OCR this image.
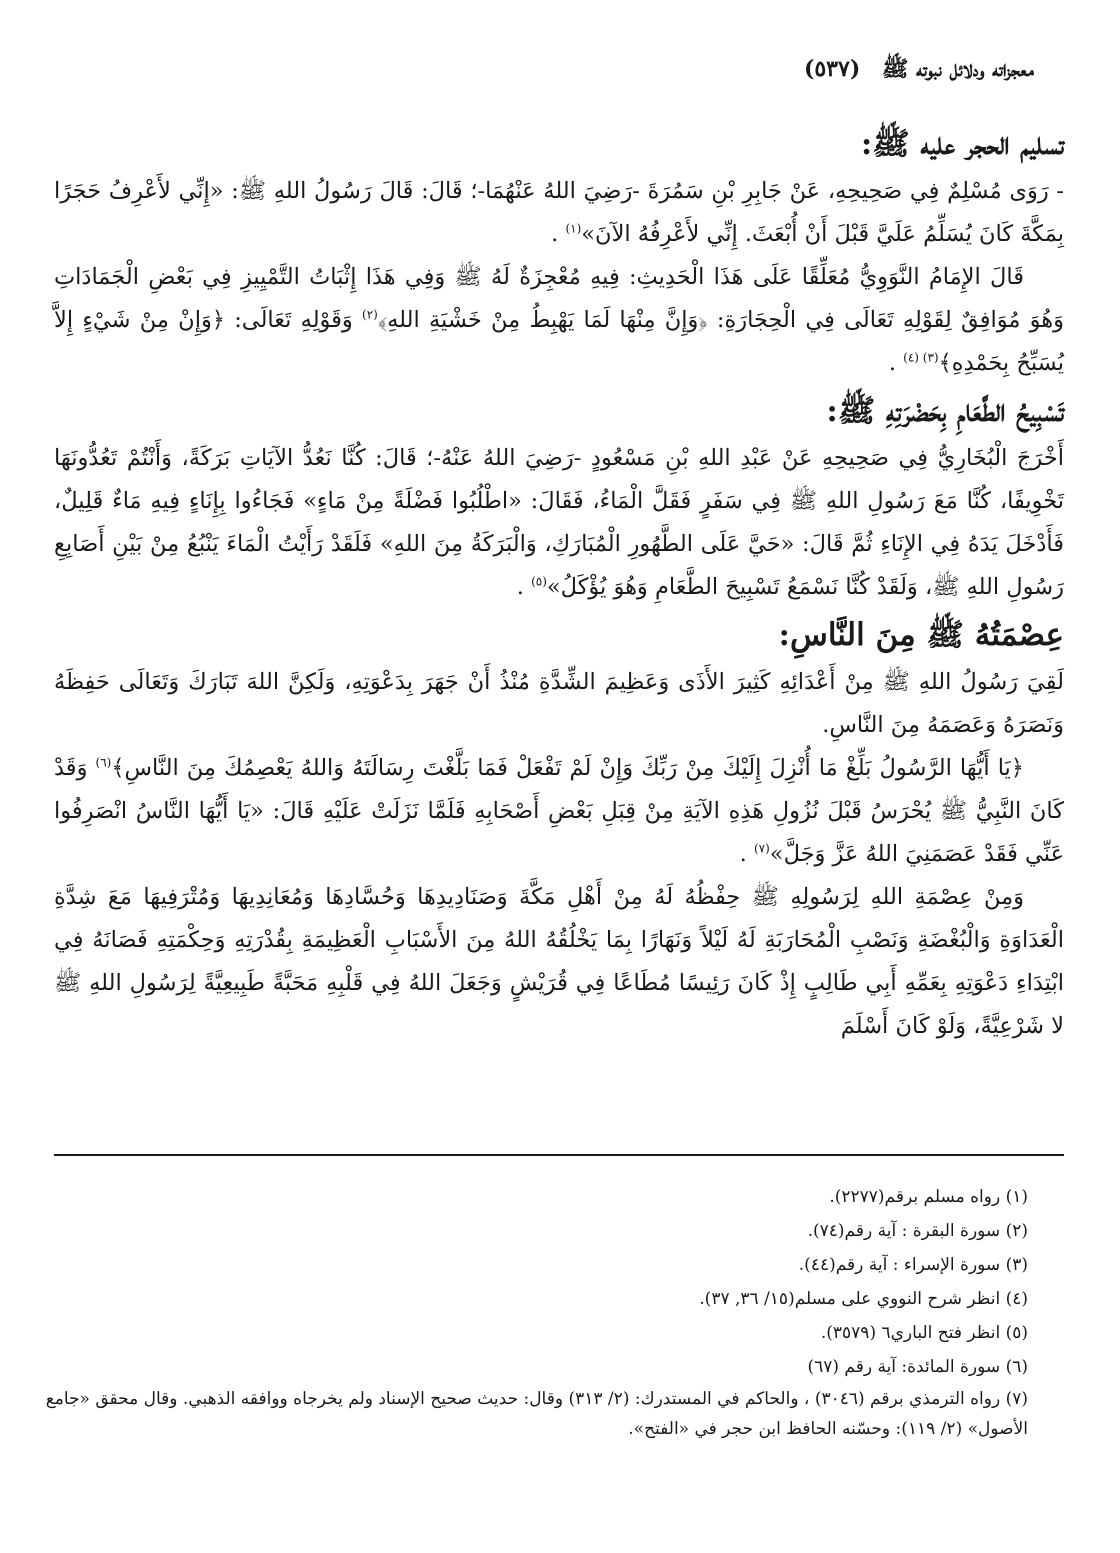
معجزاته ودلائل نبوته ﷺ (٥٣٧)
تسليم الحجر عليه ﷺ:

- رَوَى مُسْلِمٌ فِي صَحِيحِهِ، عَنْ جَابِرِ بْنِ سَمُرَةَ -رَضِيَ اللهُ عَنْهُمَا-؛ قَالَ: قَالَ رَسُولُ اللهِ ﷺ: «إِنِّي لأَعْرِفُ حَجَرًا بِمَكَّةَ كَانَ يُسَلِّمُ عَلَيَّ قَبْلَ أَنْ أُبْعَثَ. إِنِّي لأَعْرِفُهُ الآنَ»$^{(١)}$ .

قَالَ الإِمَامُ النَّوَوِيُّ مُعَلِّقًا عَلَى هَذَا الْحَدِيثِ: فِيهِ مُعْجِزَةٌ لَهُ ﷺ وَفِي هَذَا إِثْبَاتُ التَّمْيِيزِ فِي بَعْضِ الْجَمَادَاتِ وَهُوَ مُوَافِقٌ لِقَوْلِهِ تَعَالَى فِي الْحِجَارَةِ: ﴿وَإِنَّ مِنْهَا لَمَا يَهْبِطُ مِنْ خَشْيَةِ اللهِ﴾$^{(٢)}$ وَقَوْلِهِ تَعَالَى: ﴿وَإِنْ مِنْ شَيْءٍ إِلاَّ يُسَبِّحُ بِحَمْدِهِ﴾$^{(٣) (٤)}$ .

تَسْبِيحُ الطَّعَامِ بِحَضْرَتِهِ ﷺ:

أَخْرَجَ الْبُخَارِيُّ فِي صَحِيحِهِ عَنْ عَبْدِ اللهِ بْنِ مَسْعُودٍ -رَضِيَ اللهُ عَنْهُ-؛ قَالَ: كُنَّا نَعُدُّ الآيَاتِ بَرَكَةً، وَأَنْتُمْ تَعُدُّونَهَا تَخْوِيفًا، كُنَّا مَعَ رَسُولِ اللهِ ﷺ فِي سَفَرٍ فَقَلَّ الْمَاءُ، فَقَالَ: «اطْلُبُوا فَضْلَةً مِنْ مَاءٍ» فَجَاءُوا بِإِنَاءٍ فِيهِ مَاءٌ قَلِيلٌ، فَأَدْخَلَ يَدَهُ فِي الإِنَاءِ ثُمَّ قَالَ: «حَيَّ عَلَى الطَّهُورِ الْمُبَارَكِ، وَالْبَرَكَةُ مِنَ اللهِ» فَلَقَدْ رَأَيْتُ الْمَاءَ يَنْبُعُ مِنْ بَيْنِ أَصَابِعِ رَسُولِ اللهِ ﷺ، وَلَقَدْ كُنَّا نَسْمَعُ تَسْبِيحَ الطَّعَامِ وَهُوَ يُؤْكَلُ»$^{(٥)}$ .

عِصْمَتُهُ ﷺ مِنَ النَّاسِ:

لَقِيَ رَسُولُ اللهِ ﷺ مِنْ أَعْدَائِهِ كَثِيرَ الأَذَى وَعَظِيمَ الشِّدَّةِ مُنْذُ أَنْ جَهَرَ بِدَعْوَتِهِ، وَلَكِنَّ اللهَ تَبَارَكَ وَتَعَالَى حَفِظَهُ وَنَصَرَهُ وَعَصَمَهُ مِنَ النَّاسِ.

﴿يَا أَيُّهَا الرَّسُولُ بَلِّغْ مَا أُنْزِلَ إِلَيْكَ مِنْ رَبِّكَ وَإِنْ لَمْ تَفْعَلْ فَمَا بَلَّغْتَ رِسَالَتَهُ وَاللهُ يَعْصِمُكَ مِنَ النَّاسِ﴾$^{(٦)}$ وَقَدْ كَانَ النَّبِيُّ ﷺ يُحْرَسُ قَبْلَ نُزُولِ هَذِهِ الآيَةِ مِنْ قِبَلِ بَعْضِ أَصْحَابِهِ فَلَمَّا نَزَلَتْ عَلَيْهِ قَالَ: «يَا أَيُّهَا النَّاسُ انْصَرِفُوا عَنِّي فَقَدْ عَصَمَنِيَ اللهُ عَزَّ وَجَلَّ»$^{(٧)}$ .

وَمِنْ عِصْمَةِ اللهِ لِرَسُولِهِ ﷺ حِفْظُهُ لَهُ مِنْ أَهْلِ مَكَّةَ وَصَنَادِيدِهَا وَحُسَّادِهَا وَمُعَانِدِيهَا وَمُتْرَفِيهَا مَعَ شِدَّةِ الْعَدَاوَةِ وَالْبُغْضَةِ وَنَصْبِ الْمُحَارَبَةِ لَهُ لَيْلاً وَنَهَارًا بِمَا يَخْلُقُهُ اللهُ مِنَ الأَسْبَابِ الْعَظِيمَةِ بِقُدْرَتِهِ وَحِكْمَتِهِ فَصَانَهُ فِي ابْتِدَاءِ دَعْوَتِهِ بِعَمِّهِ أَبِي طَالِبٍ إِذْ كَانَ رَئِيسًا مُطَاعًا فِي قُرَيْشٍ وَجَعَلَ اللهُ فِي قَلْبِهِ مَحَبَّةً طَبِيعِيَّةً لِرَسُولِ اللهِ ﷺ لا شَرْعِيَّةً، وَلَوْ كَانَ أَسْلَمَ

(١) رواه مسلم برقم(٢٢٧٧).

(٢) سورة البقرة : آية رقم(٧٤).

(٣) سورة الإسراء : آية رقم(٤٤).

(٤) انظر شرح النووي على مسلم(١٥/ ٣٦, ٣٧).

(٥) انظر فتح الباري٦ (٣٥٧٩).

(٦) سورة المائدة: آية رقم (٦٧)

(٧) رواه الترمذي برقم (٣٠٤٦) ، والحاكم في المستدرك: (٢/ ٣١٣) وقال: حديث صحيح الإسناد ولم يخرجاه ووافقه الذهبي. وقال محقق «جامع الأصول» (٢/ ١١٩): وحسّنه الحافظ ابن حجر في «الفتح».
